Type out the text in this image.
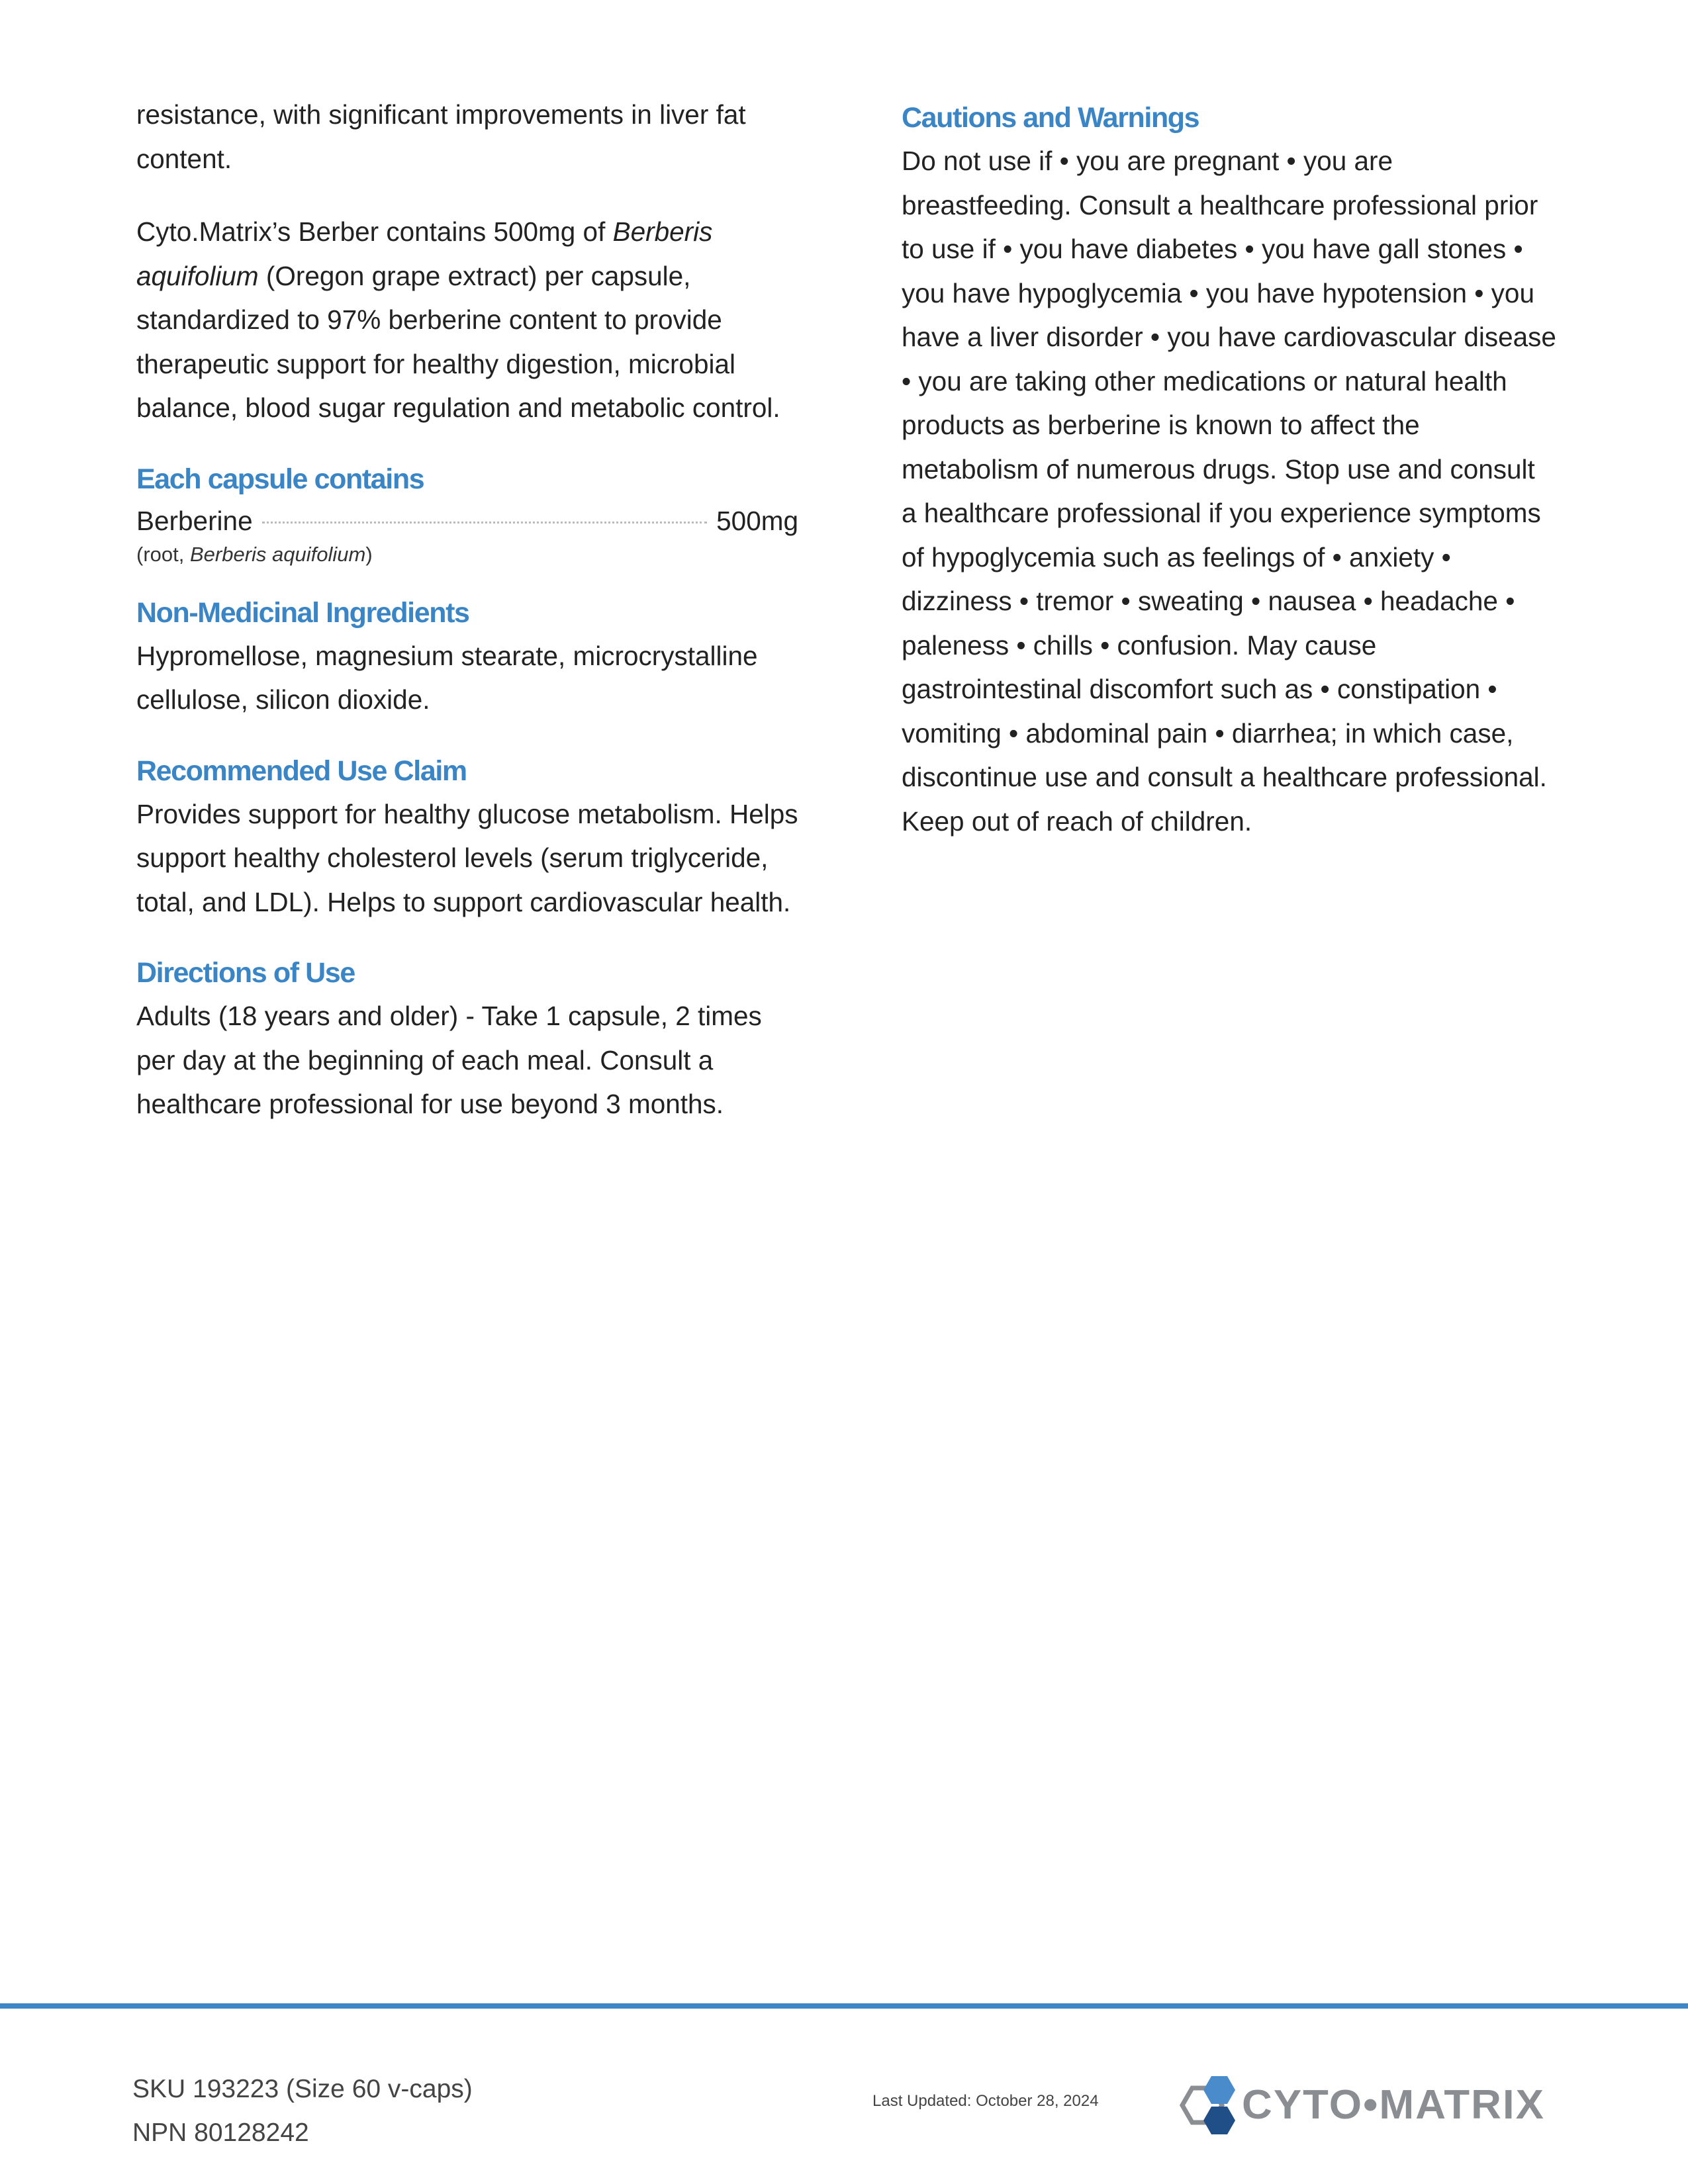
resistance, with significant improvements in liver fat content.

Cyto.Matrix’s Berber contains 500mg of Berberis aquifolium (Oregon grape extract) per capsule, standardized to 97% berberine content to provide therapeutic support for healthy digestion, microbial balance, blood sugar regulation and metabolic control.

Each capsule contains
Berberine	500mg
(root, Berberis aquifolium)
Non-Medicinal Ingredients

Hypromellose, magnesium stearate, microcrystalline cellulose, silicon dioxide.

Recommended Use Claim

Provides support for healthy glucose metabolism. Helps support healthy cholesterol levels (serum triglyceride, total, and LDL). Helps to support cardiovascular health.

Directions of Use

Adults (18 years and older) - Take 1 capsule, 2 times per day at the beginning of each meal. Consult a healthcare professional for use beyond 3 months.

Cautions and Warnings

Do not use if • you are pregnant • you are breastfeeding. Consult a healthcare professional prior to use if • you have diabetes • you have gall stones • you have hypoglycemia • you have hypotension • you have a liver disorder • you have cardiovascular disease • you are taking other medications or natural health products as berberine is known to affect the metabolism of numerous drugs. Stop use and consult a healthcare professional if you experience symptoms of hypoglycemia such as feelings of • anxiety • dizziness • tremor • sweating • nausea • headache • paleness • chills • confusion. May cause gastrointestinal discomfort such as • constipation • vomiting • abdominal pain • diarrhea; in which case, discontinue use and consult a healthcare professional. Keep out of reach of children.

SKU 193223 (Size 60 v-caps)
NPN 80128242
Last Updated: October 28, 2024	CYTO•MATRIX
